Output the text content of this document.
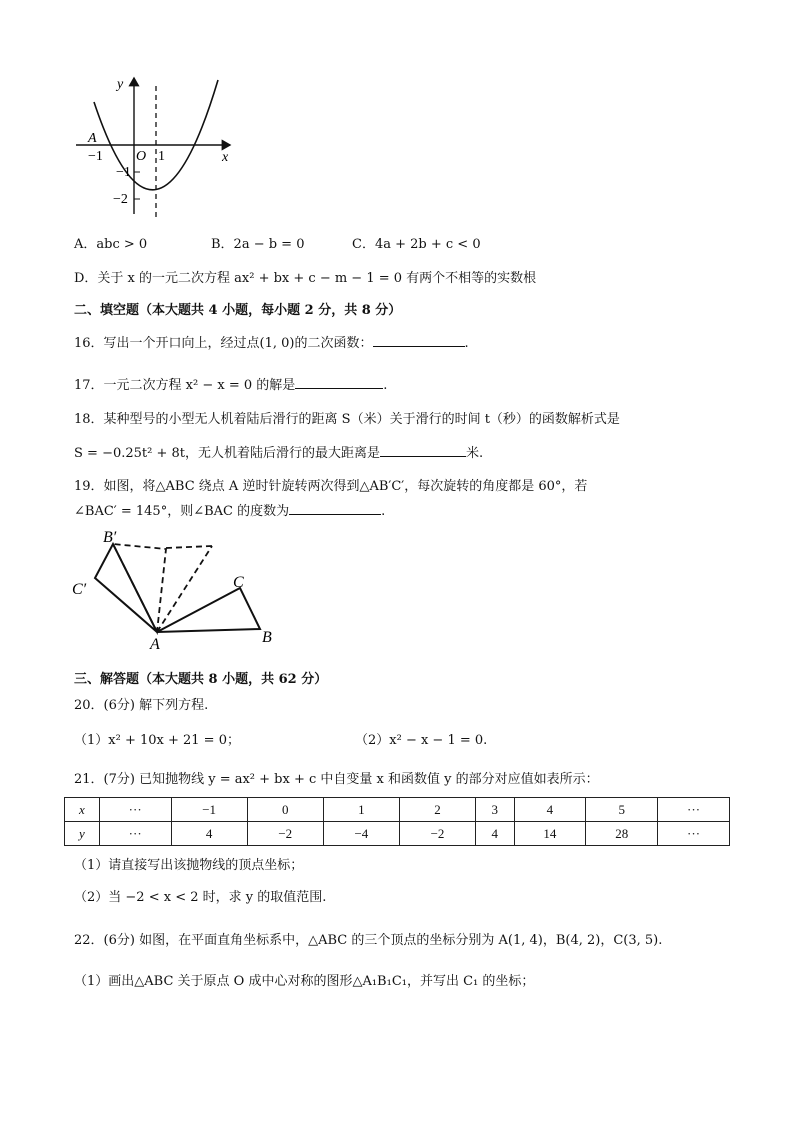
y
x
A
−1 O 1
−1
−2
A．abc > 0	B．2a − b = 0	C．4a + 2b + c < 0
D．关于 x 的一元二次方程 ax² + bx + c − m − 1 = 0 有两个不相等的实数根
二、填空题（本大题共 4 小题，每小题 2 分，共 8 分）
16．写出一个开口向上，经过点(1, 0)的二次函数：	.
17．一元二次方程 x² − x = 0 的解是	.
18．某种型号的小型无人机着陆后滑行的距离 S（米）关于滑行的时间 t（秒）的函数解析式是
S = −0.25t² + 8t，无人机着陆后滑行的最大距离是	米.
19．如图，将△ABC 绕点 A 逆时针旋转两次得到△AB′C′，每次旋转的角度都是 60°，若
∠BAC′ = 145°，则∠BAC 的度数为	.
B′
C′	C
A	B
三、解答题（本大题共 8 小题，共 62 分）
20．(6分) 解下列方程.
（1）x² + 10x + 21 = 0；	（2）x² − x − 1 = 0.
21．(7分) 已知抛物线 y = ax² + bx + c 中自变量 x 和函数值 y 的部分对应值如表所示：
x	···	−1	0	1	2	3	4	5	···
y	···	4	−2	−4	−2	4	14	28	···
（1）请直接写出该抛物线的顶点坐标；
（2）当 −2 < x < 2 时，求 y 的取值范围.
22．(6分) 如图，在平面直角坐标系中，△ABC 的三个顶点的坐标分别为 A(1, 4)，B(4, 2)，C(3, 5).
（1）画出△ABC 关于原点 O 成中心对称的图形△A₁B₁C₁，并写出 C₁ 的坐标；
